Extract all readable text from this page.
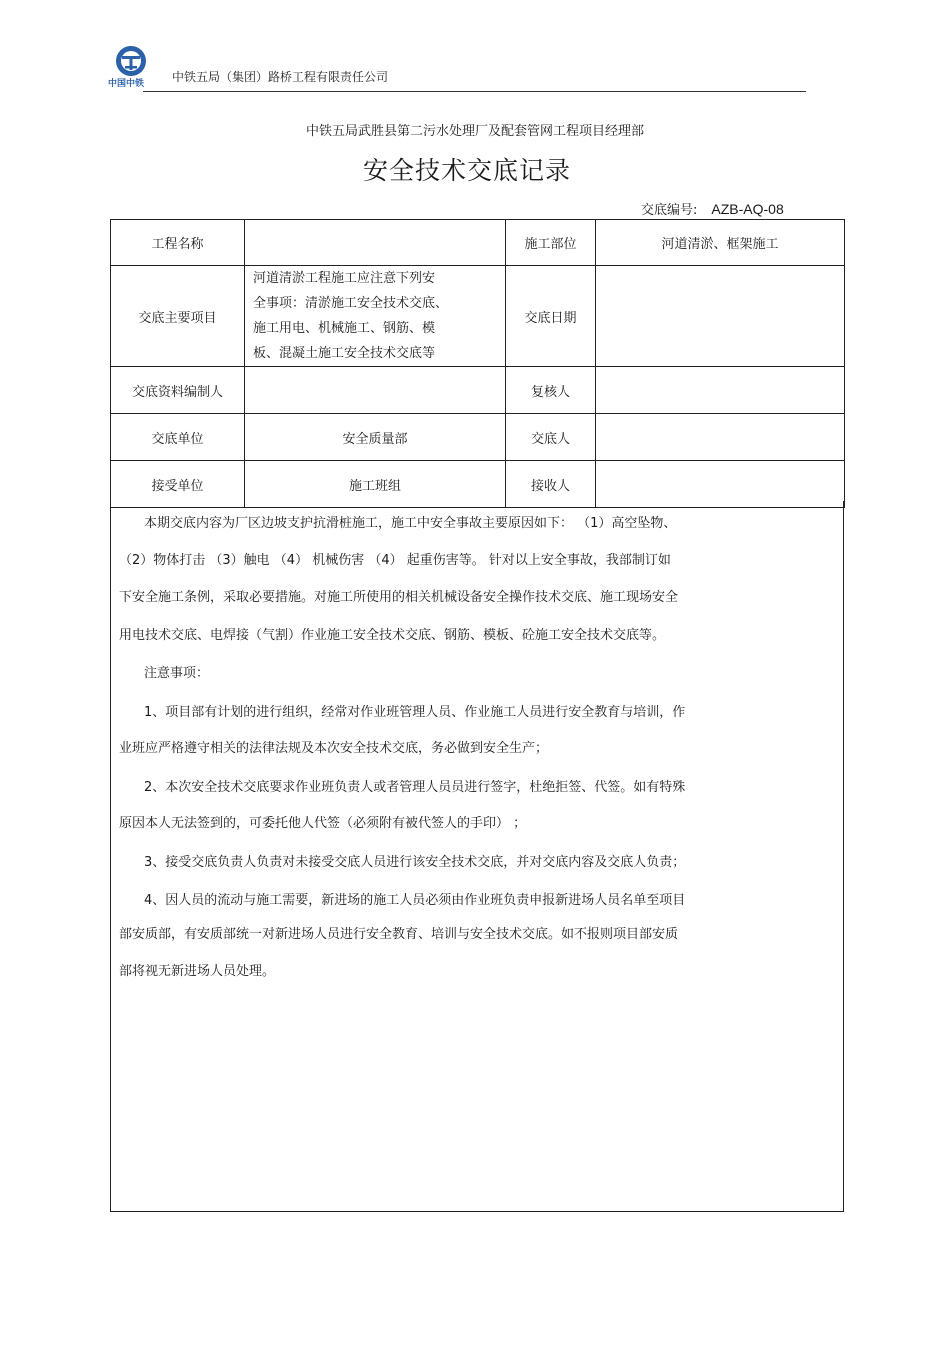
中国中铁 中铁五局（集团）路桥工程有限责任公司
中铁五局武胜县第二污水处理厂及配套管网工程项目经理部
安全技术交底记录
交底编号: AZB-AQ-08
工程名称		施工部位	河道清淤、框架施工
交底主要项目	河道清淤工程施工应注意下列安
全事项：清淤施工安全技术交底、
施工用电、机械施工、钢筋、模
板、混凝土施工安全技术交底等	交底日期	
交底资料编制人		复核人	
交底单位	安全质量部	交底人	
接受单位	施工班组	接收人	
本期交底内容为厂区边坡支护抗滑桩施工，施工中安全事故主要原因如下： （1）高空坠物、
（2）物体打击 （3）触电 （4） 机械伤害 （4） 起重伤害等。 针对以上安全事故，我部制订如
下安全施工条例，采取必要措施。对施工所使用的相关机械设备安全操作技术交底、施工现场安全
用电技术交底、电焊接（气割）作业施工安全技术交底、钢筋、模板、砼施工安全技术交底等。
注意事项：
1、项目部有计划的进行组织，经常对作业班管理人员、作业施工人员进行安全教育与培训，作
业班应严格遵守相关的法律法规及本次安全技术交底，务必做到安全生产；
2、本次安全技术交底要求作业班负责人或者管理人员员进行签字，杜绝拒签、代签。如有特殊
原因本人无法签到的，可委托他人代签（必须附有被代签人的手印） ；
3、接受交底负责人负责对未接受交底人员进行该安全技术交底，并对交底内容及交底人负责；
4、因人员的流动与施工需要，新进场的施工人员必须由作业班负责申报新进场人员名单至项目
部安质部，有安质部统一对新进场人员进行安全教育、培训与安全技术交底。如不报则项目部安质
部将视无新进场人员处理。
